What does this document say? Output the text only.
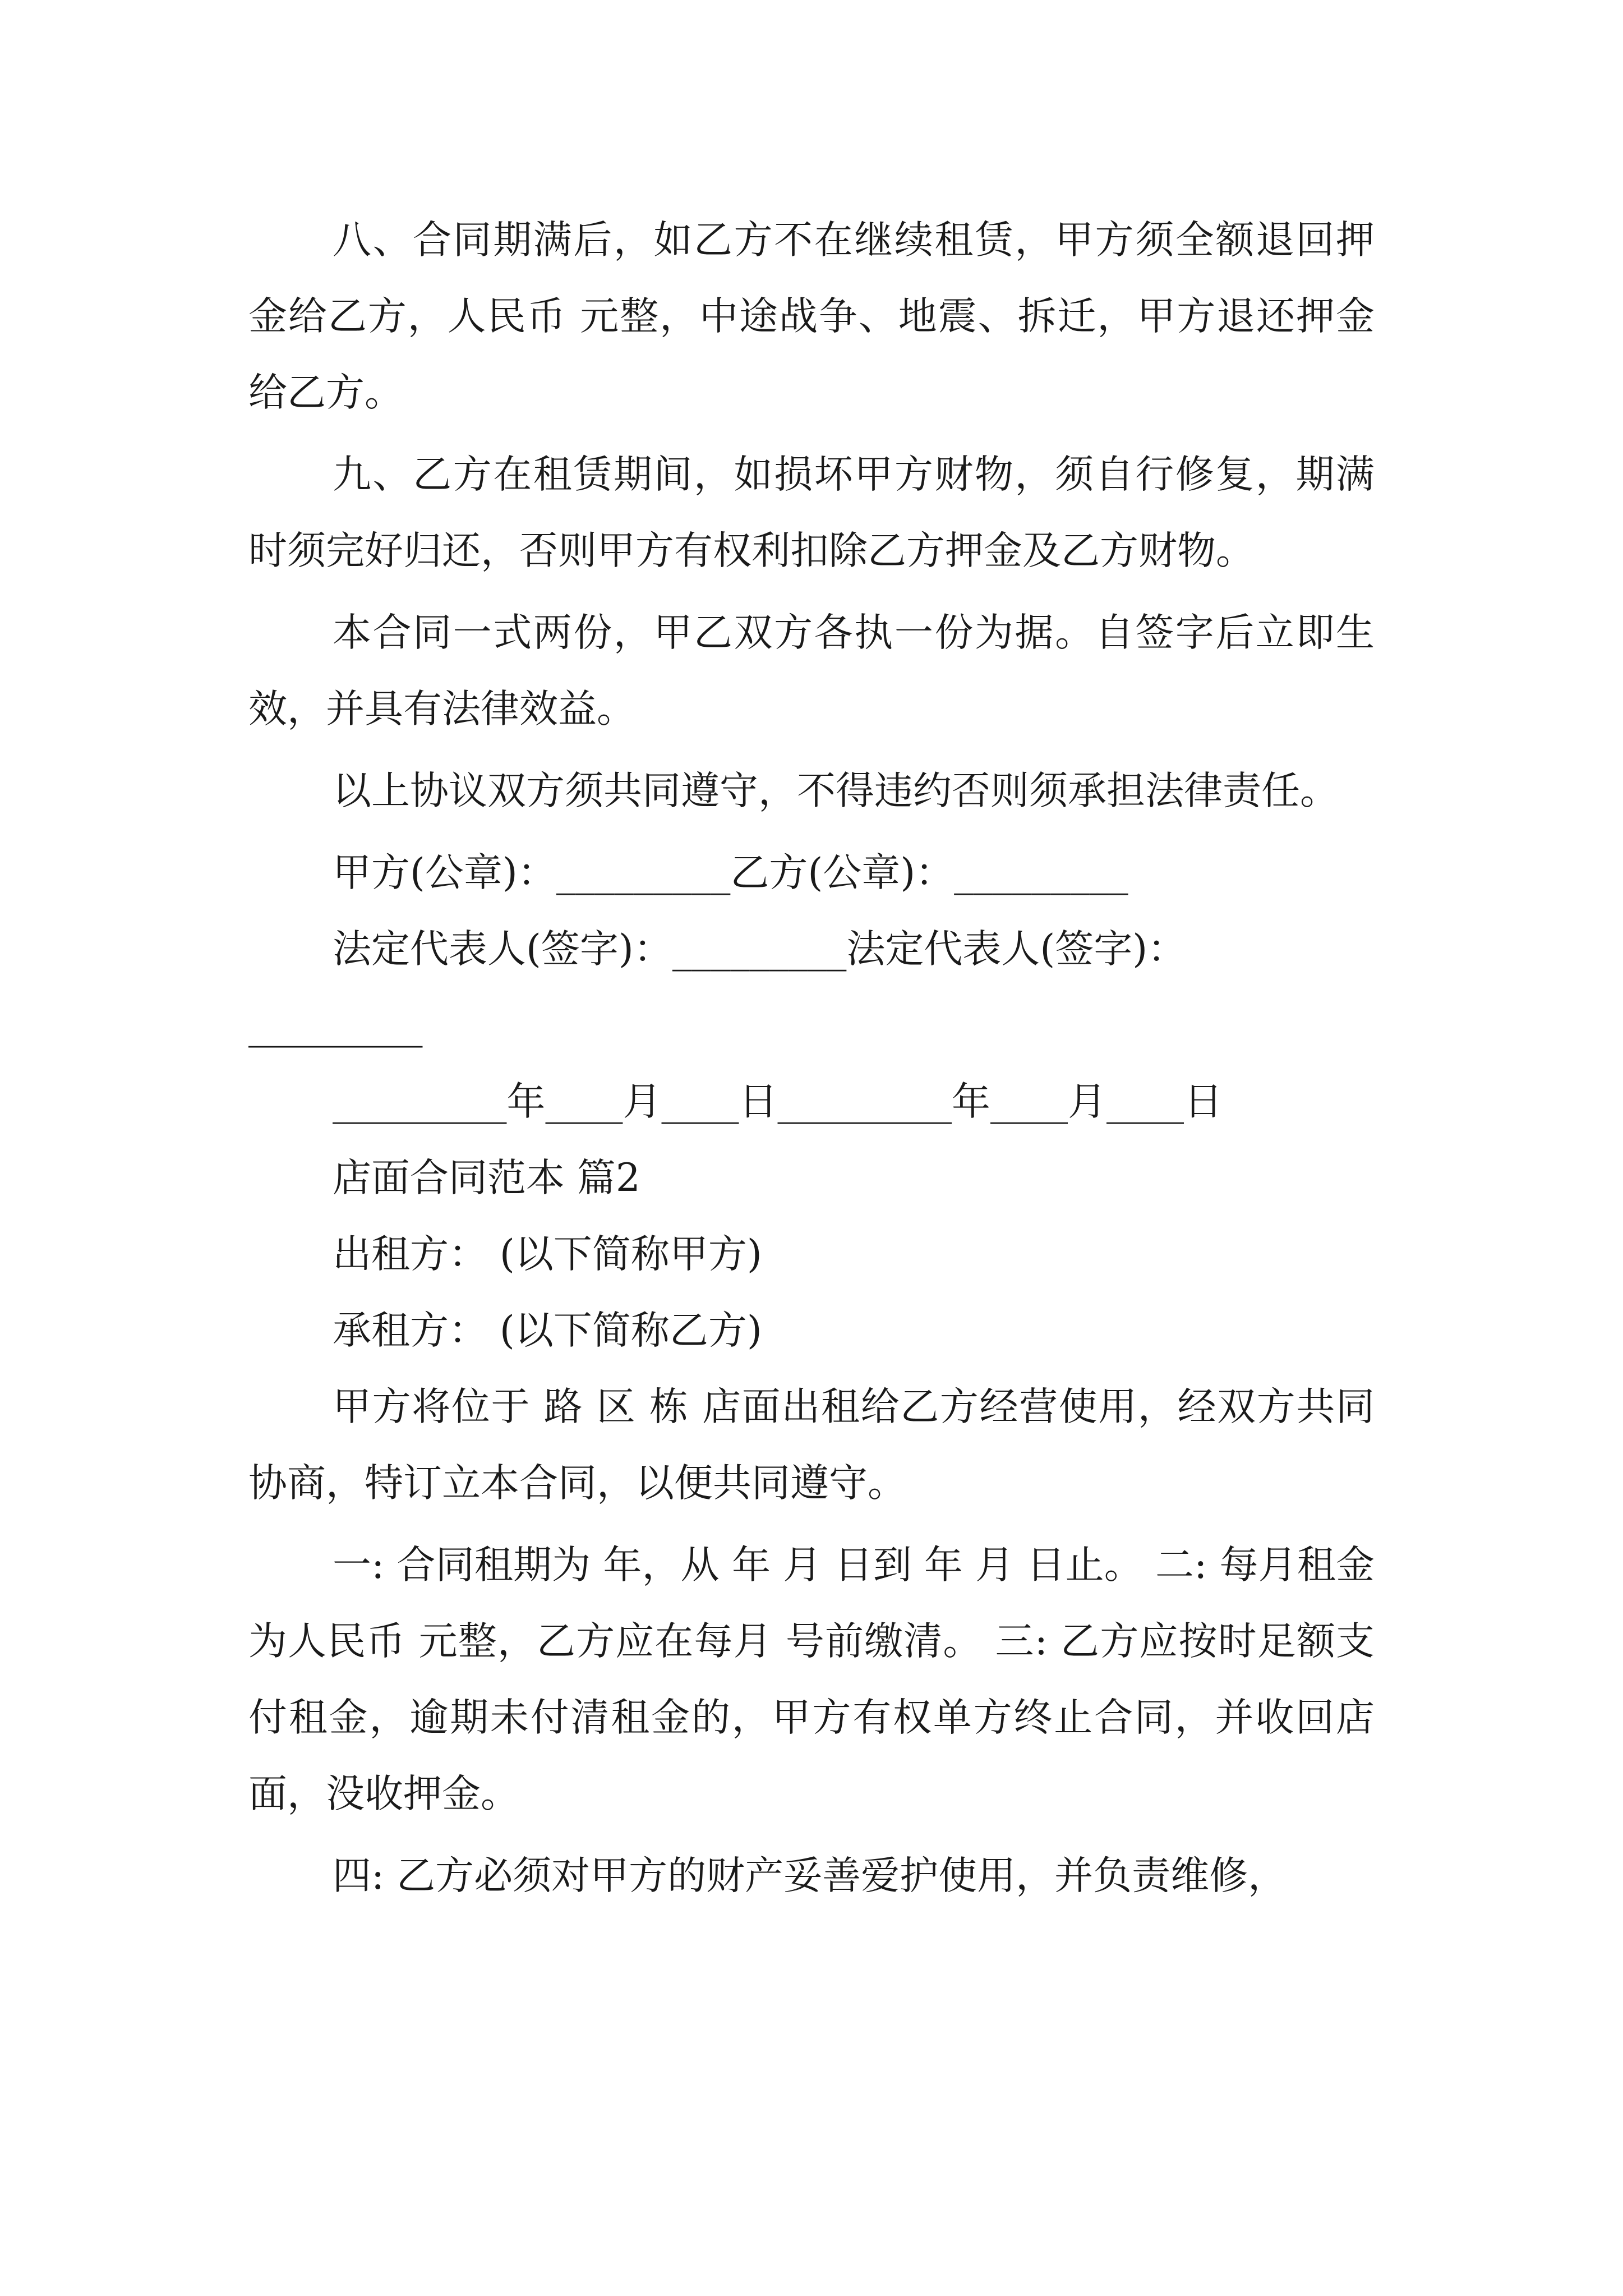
八、合同期满后，如乙方不在继续租赁，甲方须全额退回押金给乙方，人民币 元整，中途战争、地震、拆迁，甲方退还押金给乙方。

九、乙方在租赁期间，如损坏甲方财物，须自行修复，期满时须完好归还，否则甲方有权利扣除乙方押金及乙方财物。

本合同一式两份，甲乙双方各执一份为据。自签字后立即生效，并具有法律效益。

以上协议双方须共同遵守，不得违约否则须承担法律责任。

甲方(公章)：_________乙方(公章)：_________
法定代表人(签字)：_________法定代表人(签字)：
_________
_________年____月____日_________年____月____日
店面合同范本 篇2
出租方： (以下简称甲方)
承租方： (以下简称乙方)

甲方将位于 路 区 栋 店面出租给乙方经营使用，经双方共同协商，特订立本合同，以便共同遵守。

一: 合同租期为 年，从 年 月 日到 年 月 日止。 二: 每月租金为人民币 元整，乙方应在每月 号前缴清。 三: 乙方应按时足额支付租金，逾期未付清租金的，甲方有权单方终止合同，并收回店面，没收押金。

四: 乙方必须对甲方的财产妥善爱护使用，并负责维修，
